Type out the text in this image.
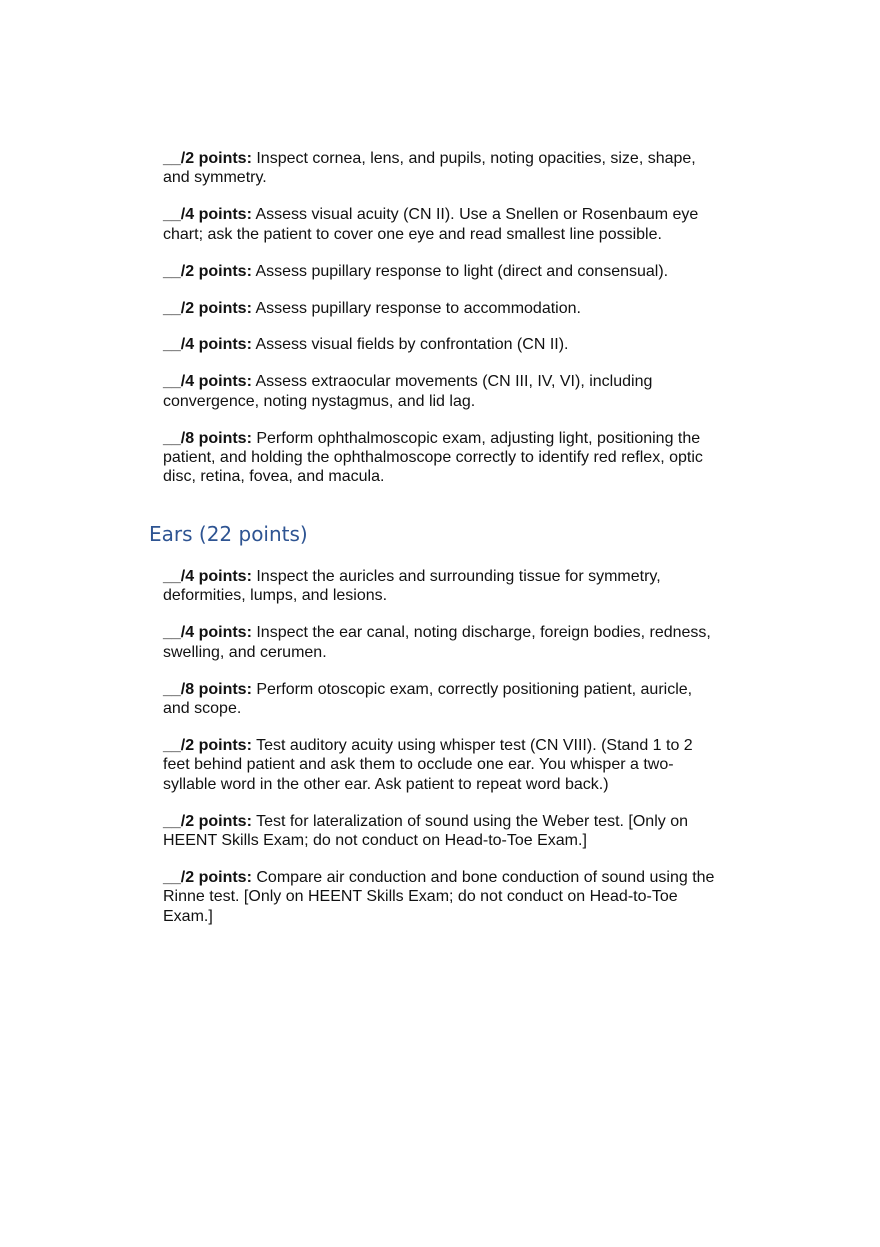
__/2 points: Inspect cornea, lens, and pupils, noting opacities, size, shape, and symmetry.

__/4 points: Assess visual acuity (CN II). Use a Snellen or Rosenbaum eye chart; ask the patient to cover one eye and read smallest line possible.

__/2 points: Assess pupillary response to light (direct and consensual).

__/2 points: Assess pupillary response to accommodation.

__/4 points: Assess visual fields by confrontation (CN II).

__/4 points: Assess extraocular movements (CN III, IV, VI), including convergence, noting nystagmus, and lid lag.

__/8 points: Perform ophthalmoscopic exam, adjusting light, positioning the patient, and holding the ophthalmoscope correctly to identify red reflex, optic disc, retina, fovea, and macula.

Ears (22 points)

__/4 points: Inspect the auricles and surrounding tissue for symmetry, deformities, lumps, and lesions.

__/4 points: Inspect the ear canal, noting discharge, foreign bodies, redness, swelling, and cerumen.

__/8 points: Perform otoscopic exam, correctly positioning patient, auricle, and scope.

__/2 points: Test auditory acuity using whisper test (CN VIII). (Stand 1 to 2 feet behind patient and ask them to occlude one ear. You whisper a two-syllable word in the other ear. Ask patient to repeat word back.)

__/2 points: Test for lateralization of sound using the Weber test. [Only on HEENT Skills Exam; do not conduct on Head-to-Toe Exam.]

__/2 points: Compare air conduction and bone conduction of sound using the Rinne test. [Only on HEENT Skills Exam; do not conduct on Head-to-Toe Exam.]
